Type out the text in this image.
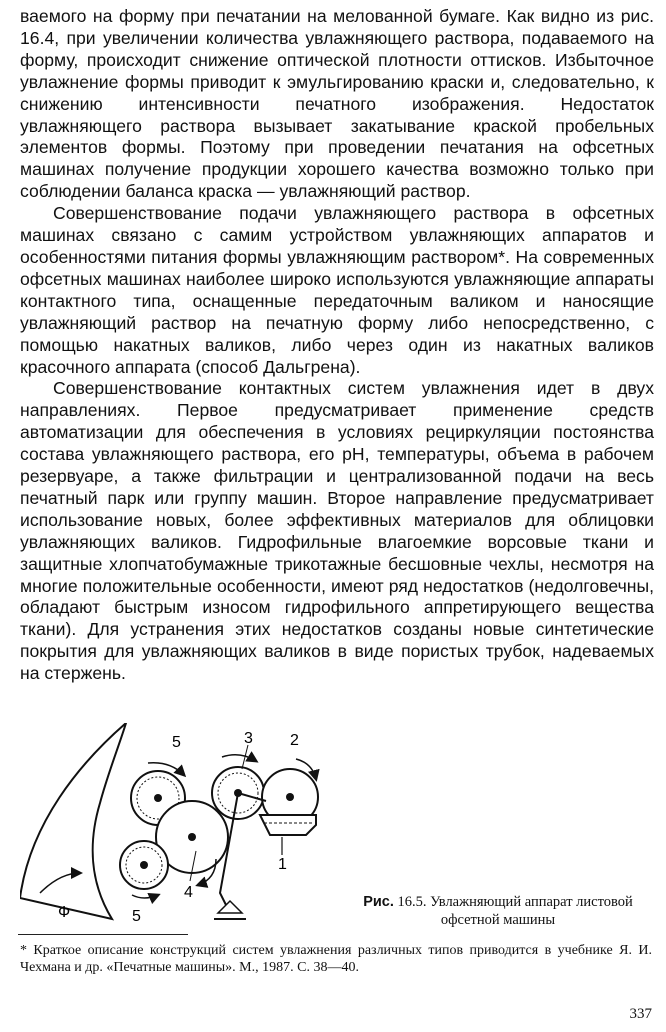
ваемого на форму при печатании на мелованной бумаге. Как видно из рис. 16.4, при увеличении количества увлажняющего раствора, подаваемого на форму, происходит снижение оптической плотности оттисков. Избыточное увлажнение формы приводит к эмульгированию краски и, следовательно, к снижению интенсивности печатного изображения. Недостаток увлажняющего раствора вызывает закатывание краской пробельных элементов формы. Поэтому при проведении печатания на офсетных машинах получение продукции хорошего качества возможно только при соблюдении баланса краска — увлажняющий раствор.

Совершенствование подачи увлажняющего раствора в офсетных машинах связано с самим устройством увлажняющих аппаратов и особенностями питания формы увлажняющим раствором*. На современных офсетных машинах наиболее широко используются увлажняющие аппараты контактного типа, оснащенные передаточным валиком и наносящие увлажняющий раствор на печатную форму либо непосредственно, с помощью накатных валиков, либо через один из накатных валиков красочного аппарата (способ Дальгрена).

Совершенствование контактных систем увлажнения идет в двух направлениях. Первое предусматривает применение средств автоматизации для обеспечения в условиях рециркуляции постоянства состава увлажняющего раствора, его pH, температуры, объема в рабочем резервуаре, а также фильтрации и централизованной подачи на весь печатный парк или группу машин. Второе направление предусматривает использование новых, более эффективных материалов для облицовки увлажняющих валиков. Гидрофильные влагоемкие ворсовые ткани и защитные хлопчатобумажные трикотажные бесшовные чехлы, несмотря на многие положительные особенности, имеют ряд недостатков (недолговечны, обладают быстрым износом гидрофильного аппретирующего вещества ткани). Для устранения этих недостатков созданы новые синтетические покрытия для увлажняющих валиков в виде пористых трубок, надеваемых на стержень.

Ф
1
2
3
4
5
5
Рис. 16.5. Увлажняющий аппарат листовой офсетной машины
* Краткое описание конструкций систем увлажнения различных типов приводится в учебнике Я. И. Чехмана и др. «Печатные машины». М., 1987. С. 38—40.
337
